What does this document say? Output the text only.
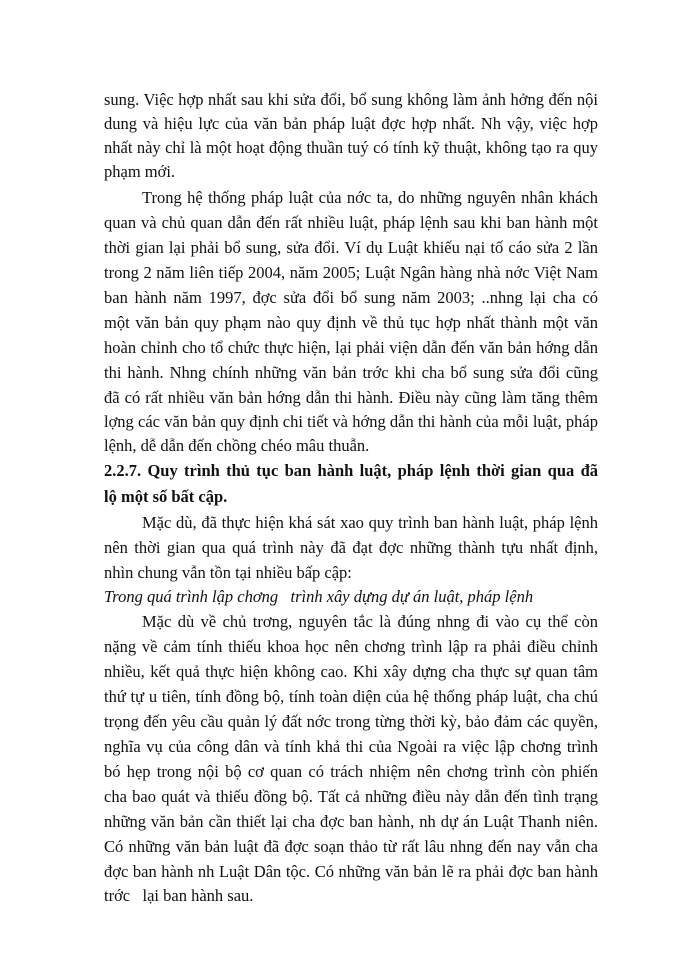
sung. Việc hợp nhất sau khi sửa đổi, bổ sung không làm ảnh hởng đến nội
dung và hiệu lực của văn bản pháp luật đợc hợp nhất. Nh vậy, việc hợp
nhất này chỉ là một hoạt động thuần tuý có tính kỹ thuật, không tạo ra quy
phạm mới.
Trong hệ thống pháp luật của nớc ta, do những nguyên nhân khách
quan và chủ quan dẫn đến rất nhiều luật, pháp lệnh sau khi ban hành một
thời gian lại phải bổ sung, sửa đổi. Ví dụ Luật khiếu nại tố cáo sửa 2 lần
trong 2 năm liên tiếp 2004, năm 2005; Luật Ngân hàng nhà nớc Việt Nam
ban hành năm 1997, đợc sửa đổi bổ sung năm 2003; ..nhng lại cha có
một văn bản quy phạm nào quy định về thủ tục hợp nhất thành một văn
hoàn chỉnh cho tổ chức thực hiện, lại phải viện dẫn đến văn bản hớng dẫn
thi hành. Nhng chính những văn bản trớc khi cha bổ sung sửa đổi cũng
đã có rất nhiều văn bản hớng dẫn thi hành. Điều này cũng làm tăng thêm
lợng các văn bản quy định chi tiết và hớng dẫn thi hành của mỗi luật, pháp
lệnh, dễ dẫn đến chồng chéo mâu thuẫn.
2.2.7. Quy trình thủ tục ban hành luật, pháp lệnh thời gian qua đã
lộ một số bất cập.
Mặc dù, đã thực hiện khá sát xao quy trình ban hành luật, pháp lệnh
nên thời gian qua quá trình này đã đạt đợc những thành tựu nhất định,
nhìn chung vẫn tồn tại nhiều bấp cập:
Trong quá trình lập chơng   trình xây dựng dự án luật, pháp lệnh
Mặc dù về chủ trơng, nguyên tắc là đúng nhng đi vào cụ thể còn
nặng về cảm tính thiếu khoa học nên chơng trình lập ra phải điều chỉnh
nhiều, kết quả thực hiện không cao. Khi xây dựng cha thực sự quan tâm
thứ tự u tiên, tính đồng bộ, tính toàn diện của hệ thống pháp luật, cha chú
trọng đến yêu cầu quản lý đất nớc trong từng thời kỳ, bảo đảm các quyền,
nghĩa vụ của công dân và tính khả thi của Ngoài ra việc lập chơng trình
bó hẹp trong nội bộ cơ quan có trách nhiệm nên chơng trình còn phiến
cha bao quát và thiếu đồng bộ. Tất cả những điều này dẫn đến tình trạng
những văn bản cần thiết lại cha đợc ban hành, nh dự án Luật Thanh niên.
Có những văn bản luật đã đợc soạn thảo từ rất lâu nhng đến nay vẫn cha
đợc ban hành nh Luật Dân tộc. Có những văn bản lẽ ra phải đợc ban hành
trớc   lại ban hành sau.
